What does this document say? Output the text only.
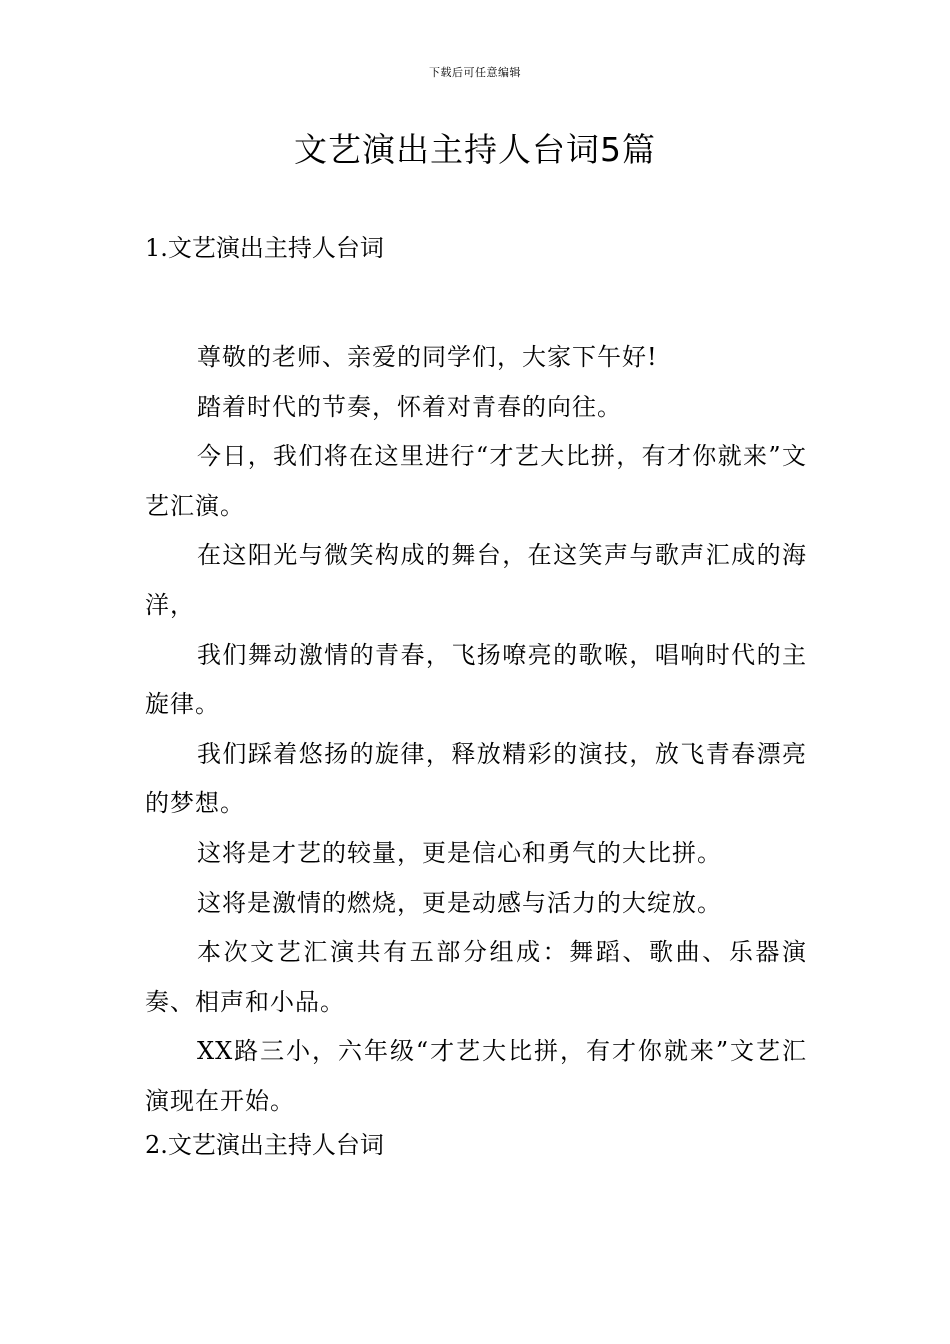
下载后可任意编辑
文艺演出主持人台词5篇
1.文艺演出主持人台词

尊敬的老师、亲爱的同学们，大家下午好!

踏着时代的节奏，怀着对青春的向往。

今日，我们将在这里进行“才艺大比拼，有才你就来”文艺汇演。

在这阳光与微笑构成的舞台，在这笑声与歌声汇成的海洋，

我们舞动激情的青春，飞扬嘹亮的歌喉，唱响时代的主旋律。

我们踩着悠扬的旋律，释放精彩的演技，放飞青春漂亮的梦想。

这将是才艺的较量，更是信心和勇气的大比拼。

这将是激情的燃烧，更是动感与活力的大绽放。

本次文艺汇演共有五部分组成：舞蹈、歌曲、乐器演奏、相声和小品。

XX路三小，六年级“才艺大比拼，有才你就来”文艺汇演现在开始。

2.文艺演出主持人台词
